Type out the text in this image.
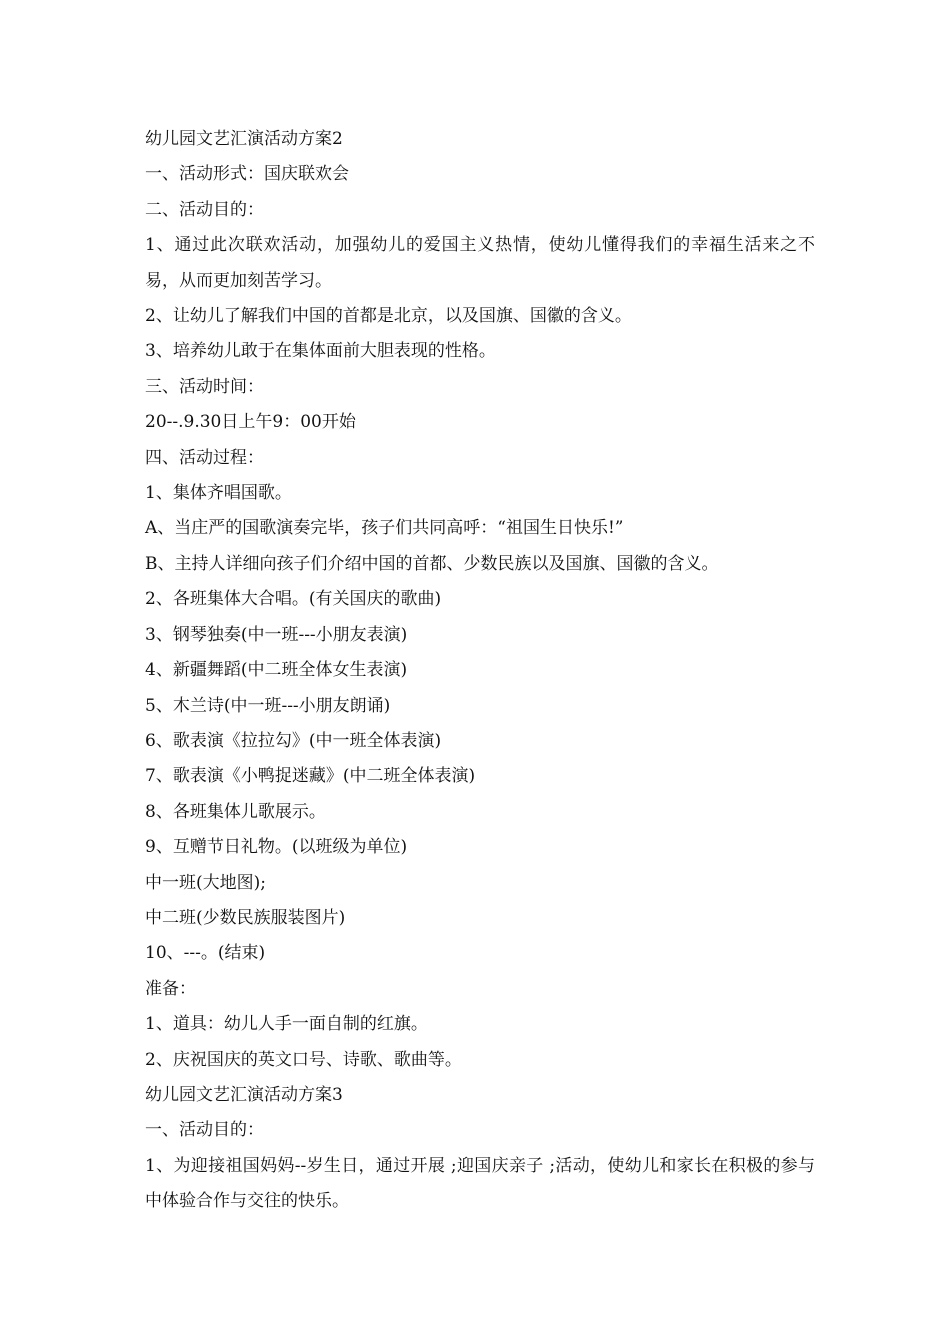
幼儿园文艺汇演活动方案2

一、活动形式：国庆联欢会

二、活动目的：

1、通过此次联欢活动，加强幼儿的爱国主义热情，使幼儿懂得我们的幸福生活来之不易，从而更加刻苦学习。

2、让幼儿了解我们中国的首都是北京，以及国旗、国徽的含义。

3、培养幼儿敢于在集体面前大胆表现的性格。

三、活动时间：

20--.9.30日上午9：00开始

四、活动过程：

1、集体齐唱国歌。

A、当庄严的国歌演奏完毕，孩子们共同高呼：“祖国生日快乐!”

B、主持人详细向孩子们介绍中国的首都、少数民族以及国旗、国徽的含义。

2、各班集体大合唱。(有关国庆的歌曲)

3、钢琴独奏(中一班---小朋友表演)

4、新疆舞蹈(中二班全体女生表演)

5、木兰诗(中一班---小朋友朗诵)

6、歌表演《拉拉勾》(中一班全体表演)

7、歌表演《小鸭捉迷藏》(中二班全体表演)

8、各班集体儿歌展示。

9、互赠节日礼物。(以班级为单位)

中一班(大地图);

中二班(少数民族服装图片)

10、---。(结束)

准备：

1、道具：幼儿人手一面自制的红旗。

2、庆祝国庆的英文口号、诗歌、歌曲等。

幼儿园文艺汇演活动方案3

一、活动目的：

1、为迎接祖国妈妈--岁生日，通过开展 ;迎国庆亲子 ;活动，使幼儿和家长在积极的参与中体验合作与交往的快乐。
